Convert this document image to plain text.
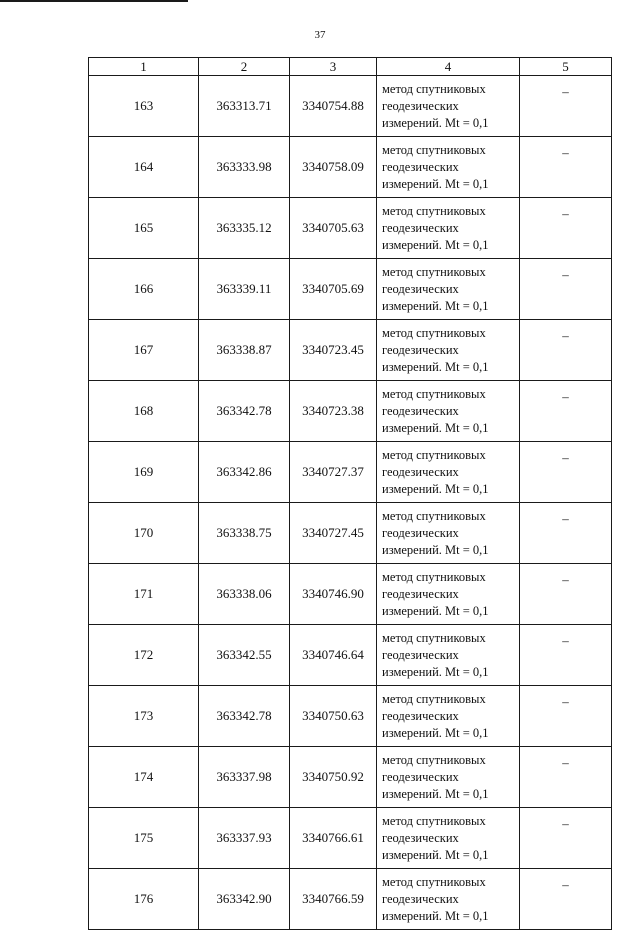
37
1	2	3	4	5
163	363313.71	3340754.88	метод спутниковых
геодезических
измерений. Mt = 0,1	–
164	363333.98	3340758.09	метод спутниковых
геодезических
измерений. Mt = 0,1	–
165	363335.12	3340705.63	метод спутниковых
геодезических
измерений. Mt = 0,1	–
166	363339.11	3340705.69	метод спутниковых
геодезических
измерений. Mt = 0,1	–
167	363338.87	3340723.45	метод спутниковых
геодезических
измерений. Mt = 0,1	–
168	363342.78	3340723.38	метод спутниковых
геодезических
измерений. Mt = 0,1	–
169	363342.86	3340727.37	метод спутниковых
геодезических
измерений. Mt = 0,1	–
170	363338.75	3340727.45	метод спутниковых
геодезических
измерений. Mt = 0,1	–
171	363338.06	3340746.90	метод спутниковых
геодезических
измерений. Mt = 0,1	–
172	363342.55	3340746.64	метод спутниковых
геодезических
измерений. Mt = 0,1	–
173	363342.78	3340750.63	метод спутниковых
геодезических
измерений. Mt = 0,1	–
174	363337.98	3340750.92	метод спутниковых
геодезических
измерений. Mt = 0,1	–
175	363337.93	3340766.61	метод спутниковых
геодезических
измерений. Mt = 0,1	–
176	363342.90	3340766.59	метод спутниковых
геодезических
измерений. Mt = 0,1	–
